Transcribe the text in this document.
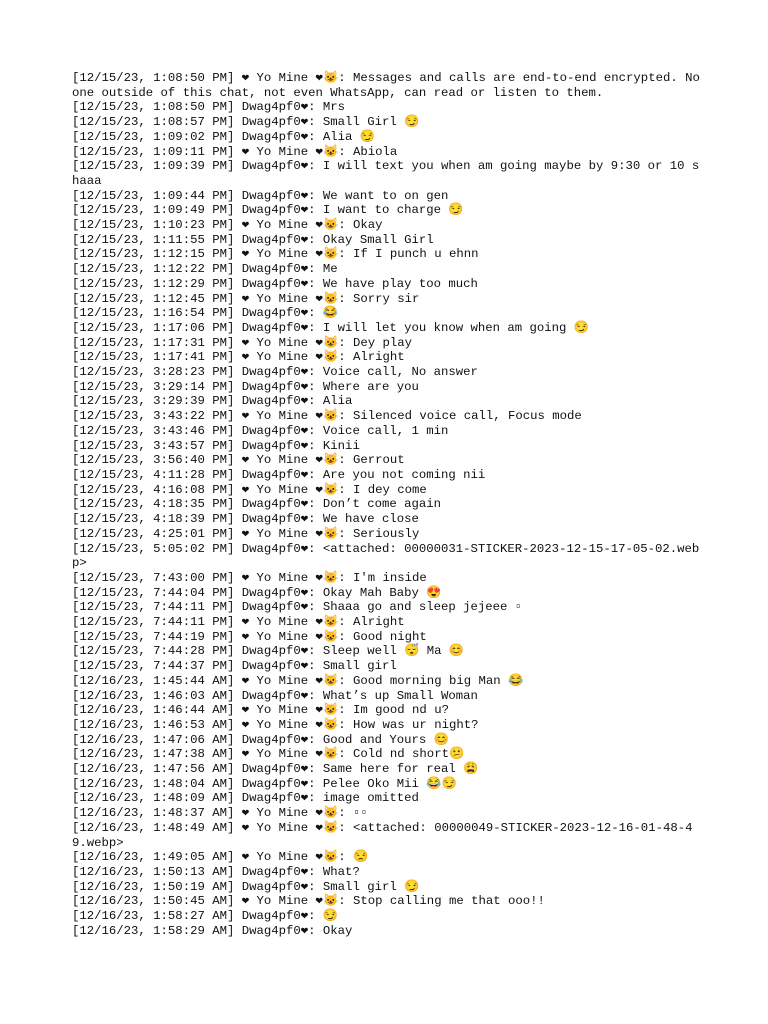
[12/15/23, 1:08:50 PM] ❤ Yo Mine ❤😺: Messages and calls are end-to-end encrypted. No one outside of this chat, not even WhatsApp, can read or listen to them.

[12/15/23, 1:08:50 PM] Dwag4pf0❤: Mrs

[12/15/23, 1:08:57 PM] Dwag4pf0❤: Small Girl 😏

[12/15/23, 1:09:02 PM] Dwag4pf0❤: Alia 😏

[12/15/23, 1:09:11 PM] ❤ Yo Mine ❤😺: Abiola

[12/15/23, 1:09:39 PM] Dwag4pf0❤: I will text you when am going maybe by 9:30 or 10 shaaa

[12/15/23, 1:09:44 PM] Dwag4pf0❤: We want to on gen

[12/15/23, 1:09:49 PM] Dwag4pf0❤: I want to charge 😏

[12/15/23, 1:10:23 PM] ❤ Yo Mine ❤😺: Okay

[12/15/23, 1:11:55 PM] Dwag4pf0❤: Okay Small Girl

[12/15/23, 1:12:15 PM] ❤ Yo Mine ❤😺: If I punch u ehnn

[12/15/23, 1:12:22 PM] Dwag4pf0❤: Me

[12/15/23, 1:12:29 PM] Dwag4pf0❤: We have play too much

[12/15/23, 1:12:45 PM] ❤ Yo Mine ❤😺: Sorry sir

[12/15/23, 1:16:54 PM] Dwag4pf0❤: 😂

[12/15/23, 1:17:06 PM] Dwag4pf0❤: I will let you know when am going 😏

[12/15/23, 1:17:31 PM] ❤ Yo Mine ❤😺: Dey play

[12/15/23, 1:17:41 PM] ❤ Yo Mine ❤😺: Alright

[12/15/23, 3:28:23 PM] Dwag4pf0❤: Voice call, No answer

[12/15/23, 3:29:14 PM] Dwag4pf0❤: Where are you

[12/15/23, 3:29:39 PM] Dwag4pf0❤: Alia

[12/15/23, 3:43:22 PM] ❤ Yo Mine ❤😺: Silenced voice call, Focus mode

[12/15/23, 3:43:46 PM] Dwag4pf0❤: Voice call, 1 min

[12/15/23, 3:43:57 PM] Dwag4pf0❤: Kinii

[12/15/23, 3:56:40 PM] ❤ Yo Mine ❤😺: Gerrout

[12/15/23, 4:11:28 PM] Dwag4pf0❤: Are you not coming nii

[12/15/23, 4:16:08 PM] ❤ Yo Mine ❤😺: I dey come

[12/15/23, 4:18:35 PM] Dwag4pf0❤: Don’t come again

[12/15/23, 4:18:39 PM] Dwag4pf0❤: We have close

[12/15/23, 4:25:01 PM] ❤ Yo Mine ❤😺: Seriously

[12/15/23, 5:05:02 PM] Dwag4pf0❤: <attached: 00000031-STICKER-2023-12-15-17-05-02.webp>

[12/15/23, 7:43:00 PM] ❤ Yo Mine ❤😺: I'm inside

[12/15/23, 7:44:04 PM] Dwag4pf0❤: Okay Mah Baby 😍

[12/15/23, 7:44:11 PM] Dwag4pf0❤: Shaaa go and sleep jejeee ▫

[12/15/23, 7:44:11 PM] ❤ Yo Mine ❤😺: Alright

[12/15/23, 7:44:19 PM] ❤ Yo Mine ❤😺: Good night

[12/15/23, 7:44:28 PM] Dwag4pf0❤: Sleep well 😴 Ma 😊

[12/15/23, 7:44:37 PM] Dwag4pf0❤: Small girl

[12/16/23, 1:45:44 AM] ❤ Yo Mine ❤😺: Good morning big Man 😂

[12/16/23, 1:46:03 AM] Dwag4pf0❤: What’s up Small Woman

[12/16/23, 1:46:44 AM] ❤ Yo Mine ❤😺: Im good nd u?

[12/16/23, 1:46:53 AM] ❤ Yo Mine ❤😺: How was ur night?

[12/16/23, 1:47:06 AM] Dwag4pf0❤: Good and Yours 😊

[12/16/23, 1:47:38 AM] ❤ Yo Mine ❤😺: Cold nd short😕

[12/16/23, 1:47:56 AM] Dwag4pf0❤: Same here for real 😩

[12/16/23, 1:48:04 AM] Dwag4pf0❤: Pelee Oko Mii 😂😏

[12/16/23, 1:48:09 AM] Dwag4pf0❤: image omitted

[12/16/23, 1:48:37 AM] ❤ Yo Mine ❤😺: ▫▫

[12/16/23, 1:48:49 AM] ❤ Yo Mine ❤😺: <attached: 00000049-STICKER-2023-12-16-01-48-49.webp>

[12/16/23, 1:49:05 AM] ❤ Yo Mine ❤😺: 😒

[12/16/23, 1:50:13 AM] Dwag4pf0❤: What?

[12/16/23, 1:50:19 AM] Dwag4pf0❤: Small girl 😏

[12/16/23, 1:50:45 AM] ❤ Yo Mine ❤😺: Stop calling me that ooo!!

[12/16/23, 1:58:27 AM] Dwag4pf0❤: 😏

[12/16/23, 1:58:29 AM] Dwag4pf0❤: Okay
